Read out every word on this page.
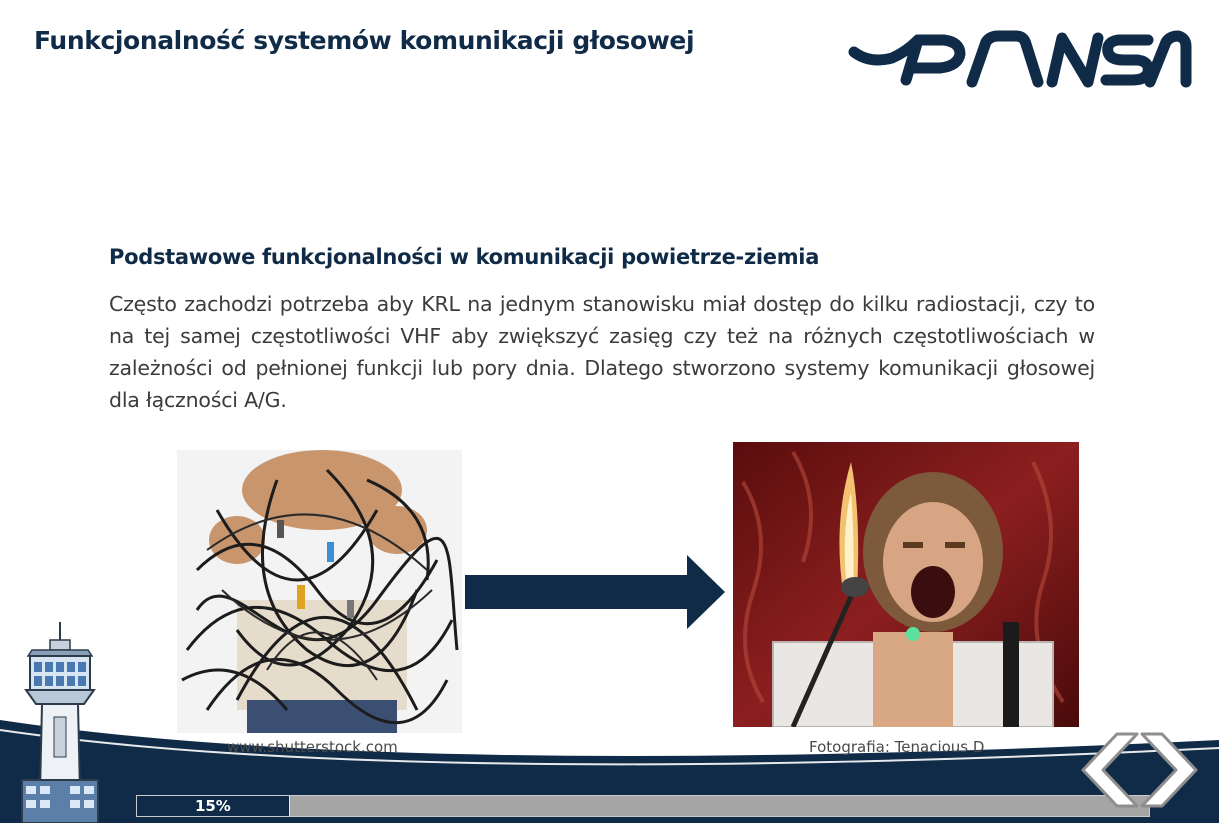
Funkcjonalność systemów komunikacji głosowej
Podstawowe funkcjonalności w komunikacji powietrze-ziemia

Często zachodzi potrzeba aby KRL na jednym stanowisku miał dostęp do kilku radiostacji, czy to na tej samej częstotliwości VHF aby zwiększyć zasięg czy też na różnych częstotliwościach w zależności od pełnionej funkcji lub pory dnia. Dlatego stworzono systemy komunikacji głosowej dla łączności A/G.

www.shutterstock.com	Fotografia: Tenacious D

15%
